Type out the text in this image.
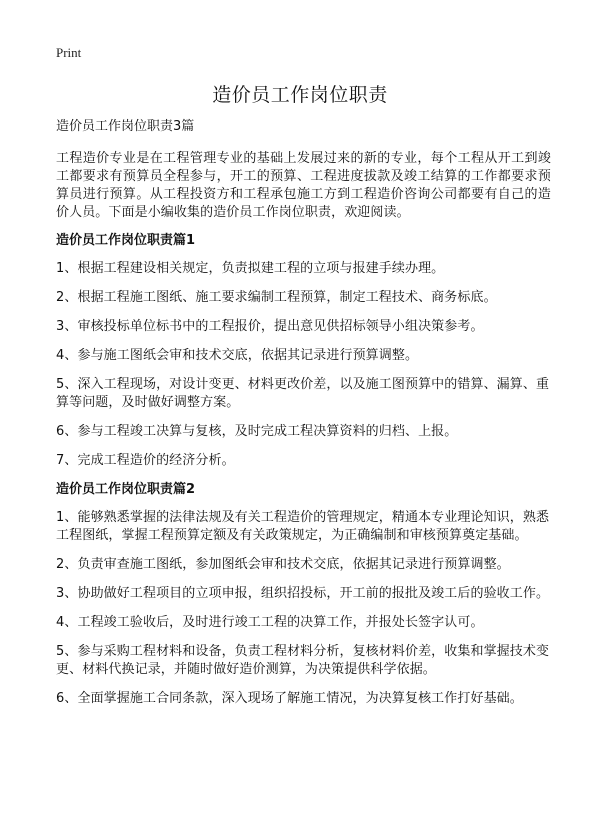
Print
造价员工作岗位职责

造价员工作岗位职责3篇

工程造价专业是在工程管理专业的基础上发展过来的新的专业，每个工程从开工到竣工都要求有预算员全程参与，开工的预算、工程进度拔款及竣工结算的工作都要求预算员进行预算。从工程投资方和工程承包施工方到工程造价咨询公司都要有自己的造价人员。下面是小编收集的造价员工作岗位职责，欢迎阅读。

造价员工作岗位职责篇1

1、根据工程建设相关规定，负责拟建工程的立项与报建手续办理。

2、根据工程施工图纸、施工要求编制工程预算，制定工程技术、商务标底。

3、审核投标单位标书中的工程报价，提出意见供招标领导小组决策参考。

4、参与施工图纸会审和技术交底，依据其记录进行预算调整。

5、深入工程现场，对设计变更、材料更改价差，以及施工图预算中的错算、漏算、重算等问题，及时做好调整方案。

6、参与工程竣工决算与复核，及时完成工程决算资料的归档、上报。

7、完成工程造价的经济分析。

造价员工作岗位职责篇2

1、能够熟悉掌握的法律法规及有关工程造价的管理规定，精通本专业理论知识，熟悉工程图纸，掌握工程预算定额及有关政策规定，为正确编制和审核预算奠定基础。

2、负责审查施工图纸，参加图纸会审和技术交底，依据其记录进行预算调整。

3、协助做好工程项目的立项申报，组织招投标，开工前的报批及竣工后的验收工作。

4、工程竣工验收后，及时进行竣工工程的决算工作，并报处长签字认可。

5、参与采购工程材料和设备，负责工程材料分析，复核材料价差，收集和掌握技术变更、材料代换记录，并随时做好造价测算，为决策提供科学依据。

6、全面掌握施工合同条款，深入现场了解施工情况，为决算复核工作打好基础。
